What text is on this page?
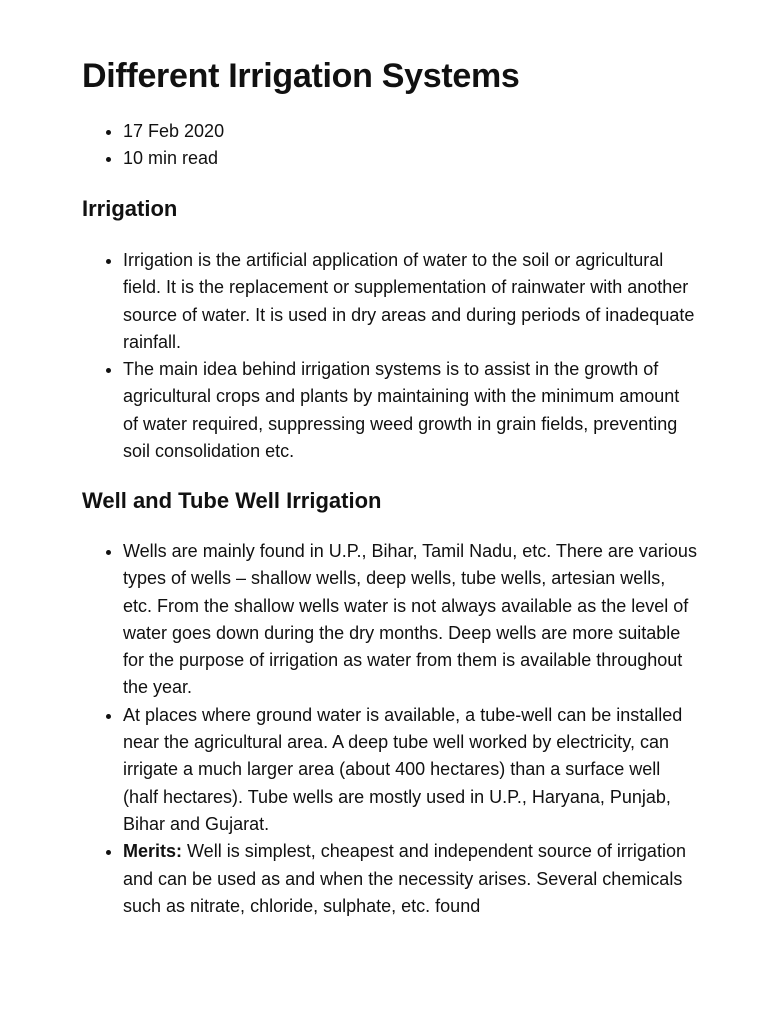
Different Irrigation Systems
• 17 Feb 2020
• 10 min read
Irrigation
• Irrigation is the artificial application of water to the soil or agricultural field. It is the replacement or supplementation of rainwater with another source of water. It is used in dry areas and during periods of inadequate rainfall.
• The main idea behind irrigation systems is to assist in the growth of agricultural crops and plants by maintaining with the minimum amount of water required, suppressing weed growth in grain fields, preventing soil consolidation etc.
Well and Tube Well Irrigation
• Wells are mainly found in U.P., Bihar, Tamil Nadu, etc. There are various types of wells – shallow wells, deep wells, tube wells, artesian wells, etc. From the shallow wells water is not always available as the level of water goes down during the dry months. Deep wells are more suitable for the purpose of irrigation as water from them is available throughout the year.
• At places where ground water is available, a tube-well can be installed near the agricultural area. A deep tube well worked by electricity, can irrigate a much larger area (about 400 hectares) than a surface well (half hectares). Tube wells are mostly used in U.P., Haryana, Punjab, Bihar and Gujarat.
• Merits: Well is simplest, cheapest and independent source of irrigation and can be used as and when the necessity arises. Several chemicals such as nitrate, chloride, sulphate, etc. found
